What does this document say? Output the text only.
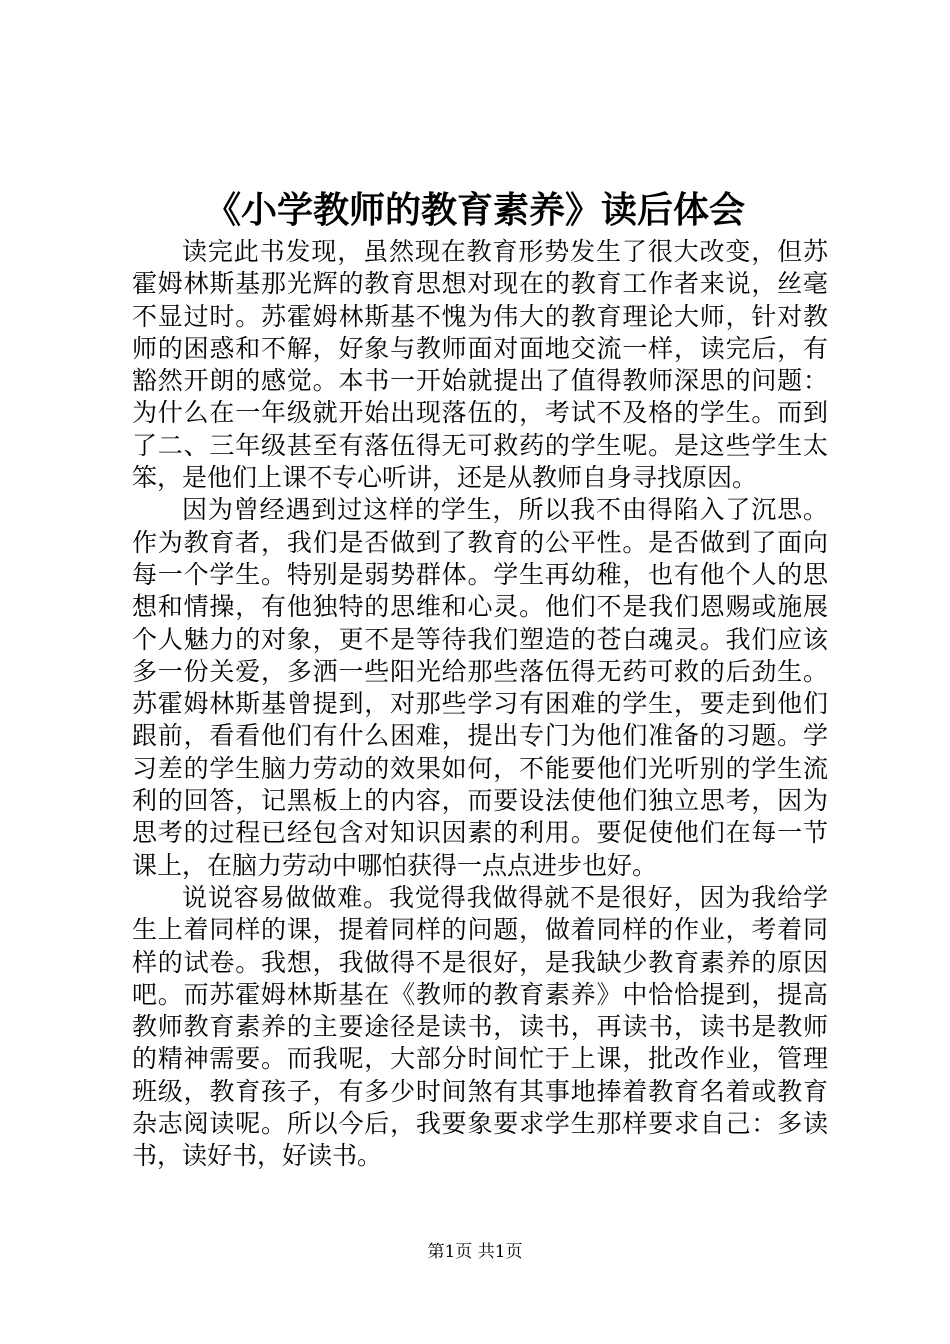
《小学教师的教育素养》读后体会

读完此书发现，虽然现在教育形势发生了很大改变，但苏霍姆林斯基那光辉的教育思想对现在的教育工作者来说，丝毫不显过时。苏霍姆林斯基不愧为伟大的教育理论大师，针对教师的困惑和不解，好象与教师面对面地交流一样，读完后，有豁然开朗的感觉。本书一开始就提出了值得教师深思的问题：为什么在一年级就开始出现落伍的，考试不及格的学生。而到了二、三年级甚至有落伍得无可救药的学生呢。是这些学生太笨，是他们上课不专心听讲，还是从教师自身寻找原因。

因为曾经遇到过这样的学生，所以我不由得陷入了沉思。作为教育者，我们是否做到了教育的公平性。是否做到了面向每一个学生。特别是弱势群体。学生再幼稚，也有他个人的思想和情操，有他独特的思维和心灵。他们不是我们恩赐或施展个人魅力的对象，更不是等待我们塑造的苍白魂灵。我们应该多一份关爱，多洒一些阳光给那些落伍得无药可救的后劲生。苏霍姆林斯基曾提到，对那些学习有困难的学生，要走到他们跟前，看看他们有什么困难，提出专门为他们准备的习题。学习差的学生脑力劳动的效果如何，不能要他们光听别的学生流利的回答，记黑板上的内容，而要设法使他们独立思考，因为思考的过程已经包含对知识因素的利用。要促使他们在每一节课上，在脑力劳动中哪怕获得一点点进步也好。

说说容易做做难。我觉得我做得就不是很好，因为我给学生上着同样的课，提着同样的问题，做着同样的作业，考着同样的试卷。我想，我做得不是很好，是我缺少教育素养的原因吧。而苏霍姆林斯基在《教师的教育素养》中恰恰提到，提高教师教育素养的主要途径是读书，读书，再读书，读书是教师的精神需要。而我呢，大部分时间忙于上课，批改作业，管理班级，教育孩子，有多少时间煞有其事地捧着教育名着或教育杂志阅读呢。所以今后，我要象要求学生那样要求自己：多读书，读好书，好读书。

第1页 共1页
